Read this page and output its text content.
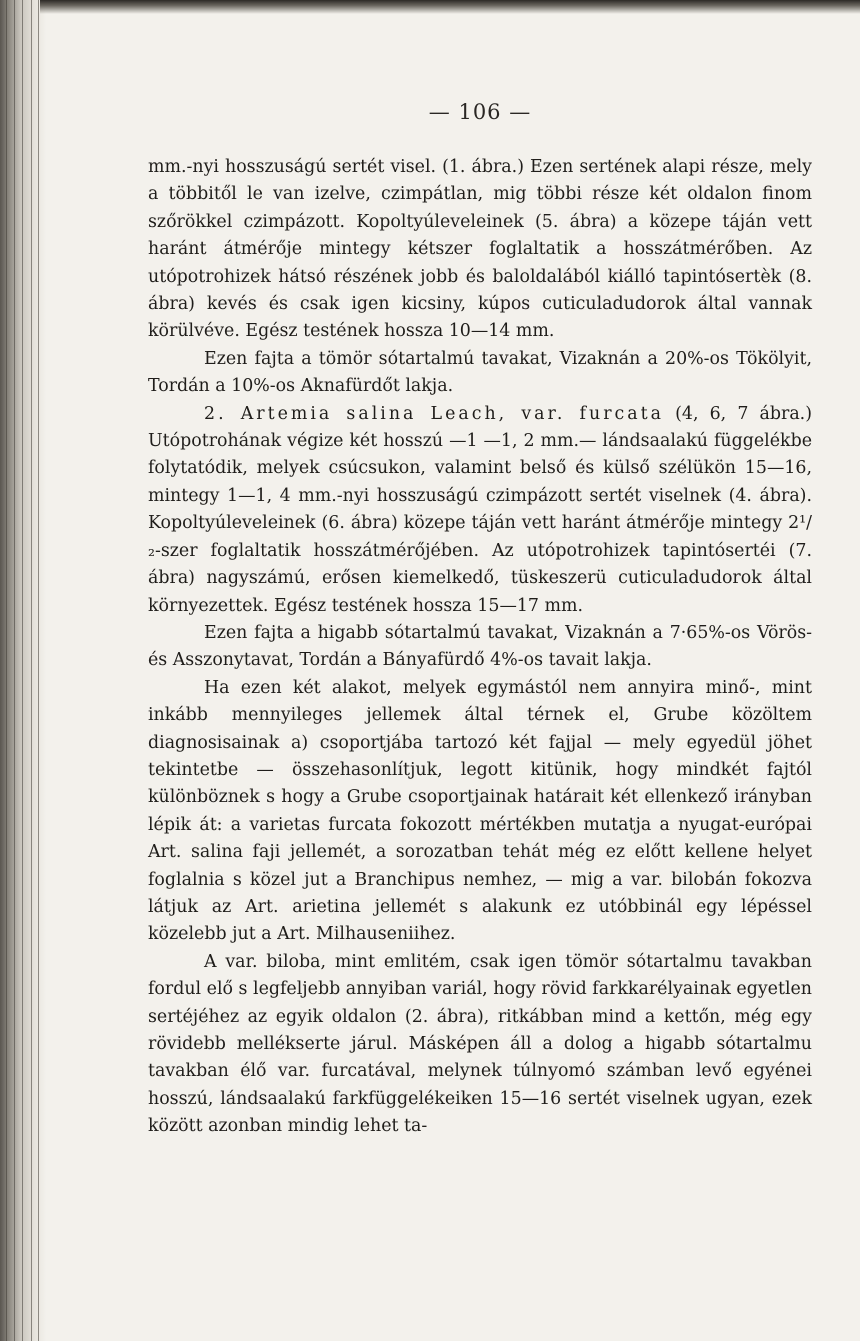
— 106 —

mm.-nyi hosszuságú sertét visel. (1. ábra.) Ezen sertének alapi része, mely a többitől le van izelve, czimpátlan, mig többi része két oldalon finom szőrökkel czimpázott. Kopoltyúleveleinek (5. ábra) a közepe táján vett haránt átmérője mintegy kétszer foglaltatik a hosszátmérőben. Az utópotrohizek hátsó részének jobb és baloldalából kiálló tapintósertèk (8. ábra) kevés és csak igen kicsiny, kúpos cuticuladudorok által vannak körülvéve. Egész testének hossza 10—14 mm.

Ezen fajta a tömör sótartalmú tavakat, Vizaknán a 20%-os Tökölyit, Tordán a 10%-os Aknafürdőt lakja.

2. Artemia salina Leach, var. furcata (4, 6, 7 ábra.) Utópotrohának végize két hosszú —1 —1, 2 mm.— lándsaalakú függelékbe folytatódik, melyek csúcsukon, valamint belső és külső szélükön 15—16, mintegy 1—1, 4 mm.-nyi hosszuságú czimpázott sertét viselnek (4. ábra). Kopoltyúleveleinek (6. ábra) közepe táján vett haránt átmérője mintegy 2¹/₂-szer foglaltatik hosszátmérőjében. Az utópotrohizek tapintósertéi (7. ábra) nagyszámú, erősen kiemelkedő, tüskeszerü cuticuladudorok által környezettek. Egész testének hossza 15—17 mm.

Ezen fajta a higabb sótartalmú tavakat, Vizaknán a 7·65%-os Vörös- és Asszonytavat, Tordán a Bányafürdő 4%-os tavait lakja.

Ha ezen két alakot, melyek egymástól nem annyira minő-, mint inkább mennyileges jellemek által térnek el, Grube közöltem diagnosisainak a) csoportjába tartozó két fajjal — mely egyedül jöhet tekintetbe — összehasonlítjuk, legott kitünik, hogy mindkét fajtól különböznek s hogy a Grube csoportjainak határait két ellenkező irányban lépik át: a varietas furcata fokozott mértékben mutatja a nyugat-európai Art. salina faji jellemét, a sorozatban tehát még ez előtt kellene helyet foglalnia s közel jut a Branchipus nemhez, — mig a var. bilobán fokozva látjuk az Art. arietina jellemét s alakunk ez utóbbinál egy lépéssel közelebb jut a Art. Milhauseniihez.

A var. biloba, mint emlitém, csak igen tömör sótartalmu tavakban fordul elő s legfeljebb annyiban variál, hogy rövid farkkarélyainak egyetlen sertéjéhez az egyik oldalon (2. ábra), ritkábban mind a kettőn, még egy rövidebb mellékserte járul. Másképen áll a dolog a higabb sótartalmu tavakban élő var. furcatával, melynek túlnyomó számban levő egyénei hosszú, lándsaalakú farkfüggelékeiken 15—16 sertét viselnek ugyan, ezek között azonban mindig lehet ta-
